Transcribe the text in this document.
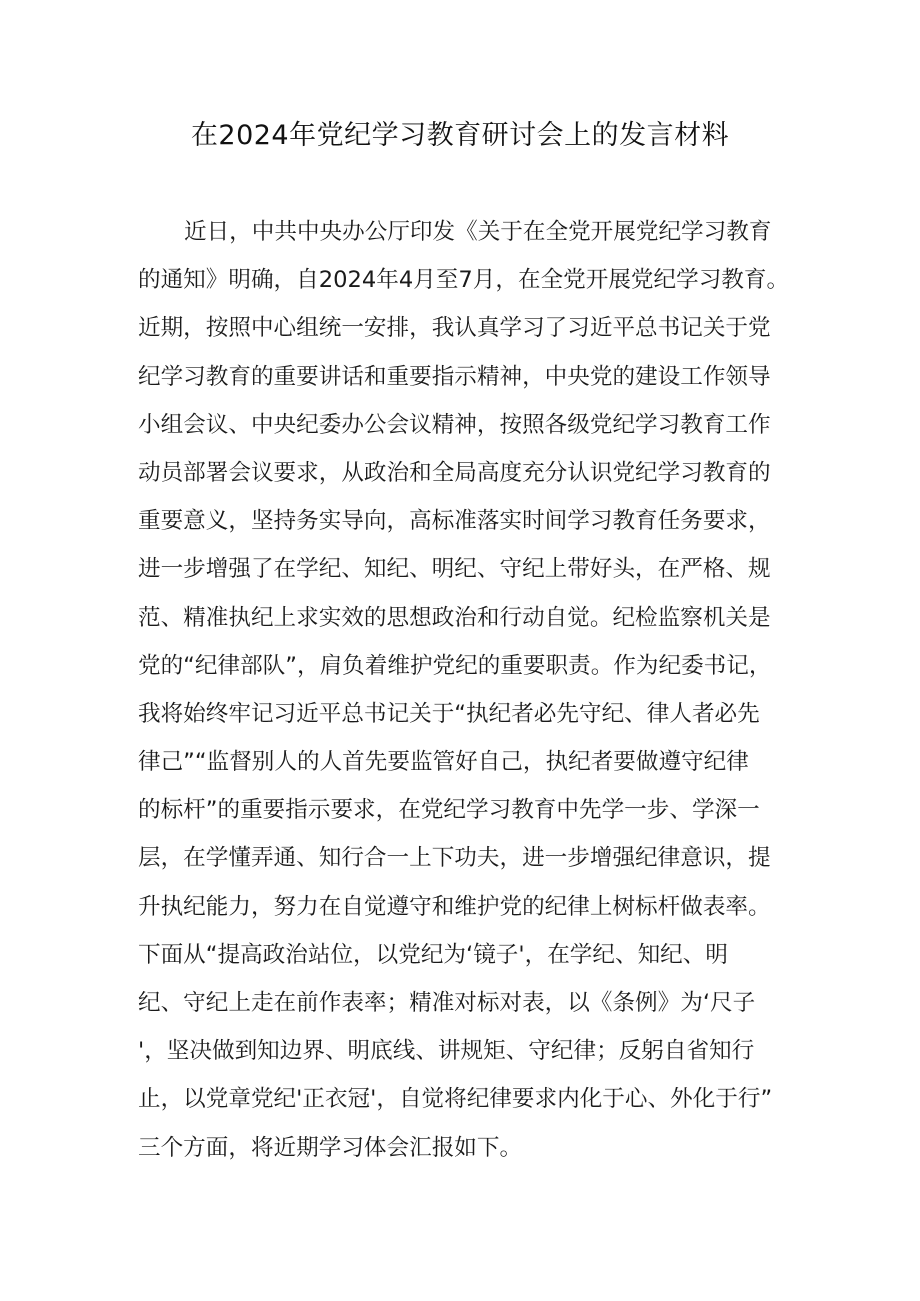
在2024年党纪学习教育研讨会上的发言材料
近日，中共中央办公厅印发《关于在全党开展党纪学习教育
的通知》明确，自2024年4月至7月，在全党开展党纪学习教育。
近期，按照中心组统一安排，我认真学习了习近平总书记关于党
纪学习教育的重要讲话和重要指示精神，中央党的建设工作领导
小组会议、中央纪委办公会议精神，按照各级党纪学习教育工作
动员部署会议要求，从政治和全局高度充分认识党纪学习教育的
重要意义，坚持务实导向，高标准落实时间学习教育任务要求，
进一步增强了在学纪、知纪、明纪、守纪上带好头，在严格、规
范、精准执纪上求实效的思想政治和行动自觉。纪检监察机关是
党的“纪律部队”，肩负着维护党纪的重要职责。作为纪委书记，
我将始终牢记习近平总书记关于“执纪者必先守纪、律人者必先
律己”“监督别人的人首先要监管好自己，执纪者要做遵守纪律
的标杆”的重要指示要求，在党纪学习教育中先学一步、学深一
层，在学懂弄通、知行合一上下功夫，进一步增强纪律意识，提
升执纪能力，努力在自觉遵守和维护党的纪律上树标杆做表率。
下面从“提高政治站位，以党纪为‘镜子'，在学纪、知纪、明
纪、守纪上走在前作表率；精准对标对表，以《条例》为‘尺子
'，坚决做到知边界、明底线、讲规矩、守纪律；反躬自省知行
止，以党章党纪'正衣冠'，自觉将纪律要求内化于心、外化于行”
三个方面，将近期学习体会汇报如下。
